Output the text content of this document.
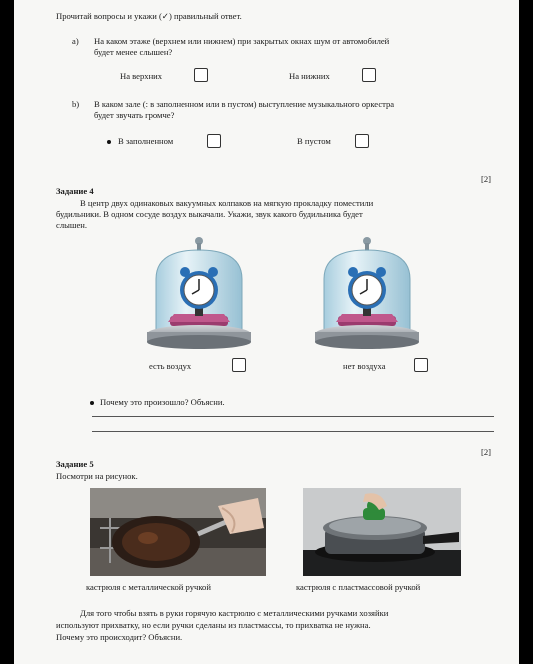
Прочитай вопросы и укажи (✓) правильный ответ.
a) На каком этаже (верхнем или нижнем) при закрытых окнах шум от автомобилей
будет менее слышен?
На верхних	На нижних
b) В каком зале (: в заполненном или в пустом) выступление музыкального оркестра
будет звучать громче?
В заполненном	В пустом
[2]
Задание 4
В центр двух одинаковых вакуумных колпаков на мягкую прокладку поместили
будильники. В одном сосуде воздух выкачали. Укажи, звук какого будильника будет
слышен.
есть воздух	нет воздуха
Почему это произошло? Объясни.
[2]
Задание 5
Посмотри на рисунок.
кастрюля с металлической ручкой	кастрюля с пластмассовой ручкой
Для того чтобы взять в руки горячую кастрюлю с металлическими ручками хозяйки
используют прихватку, но если ручки сделаны из пластмассы, то прихватка не нужна.
Почему это происходит? Объясни.
